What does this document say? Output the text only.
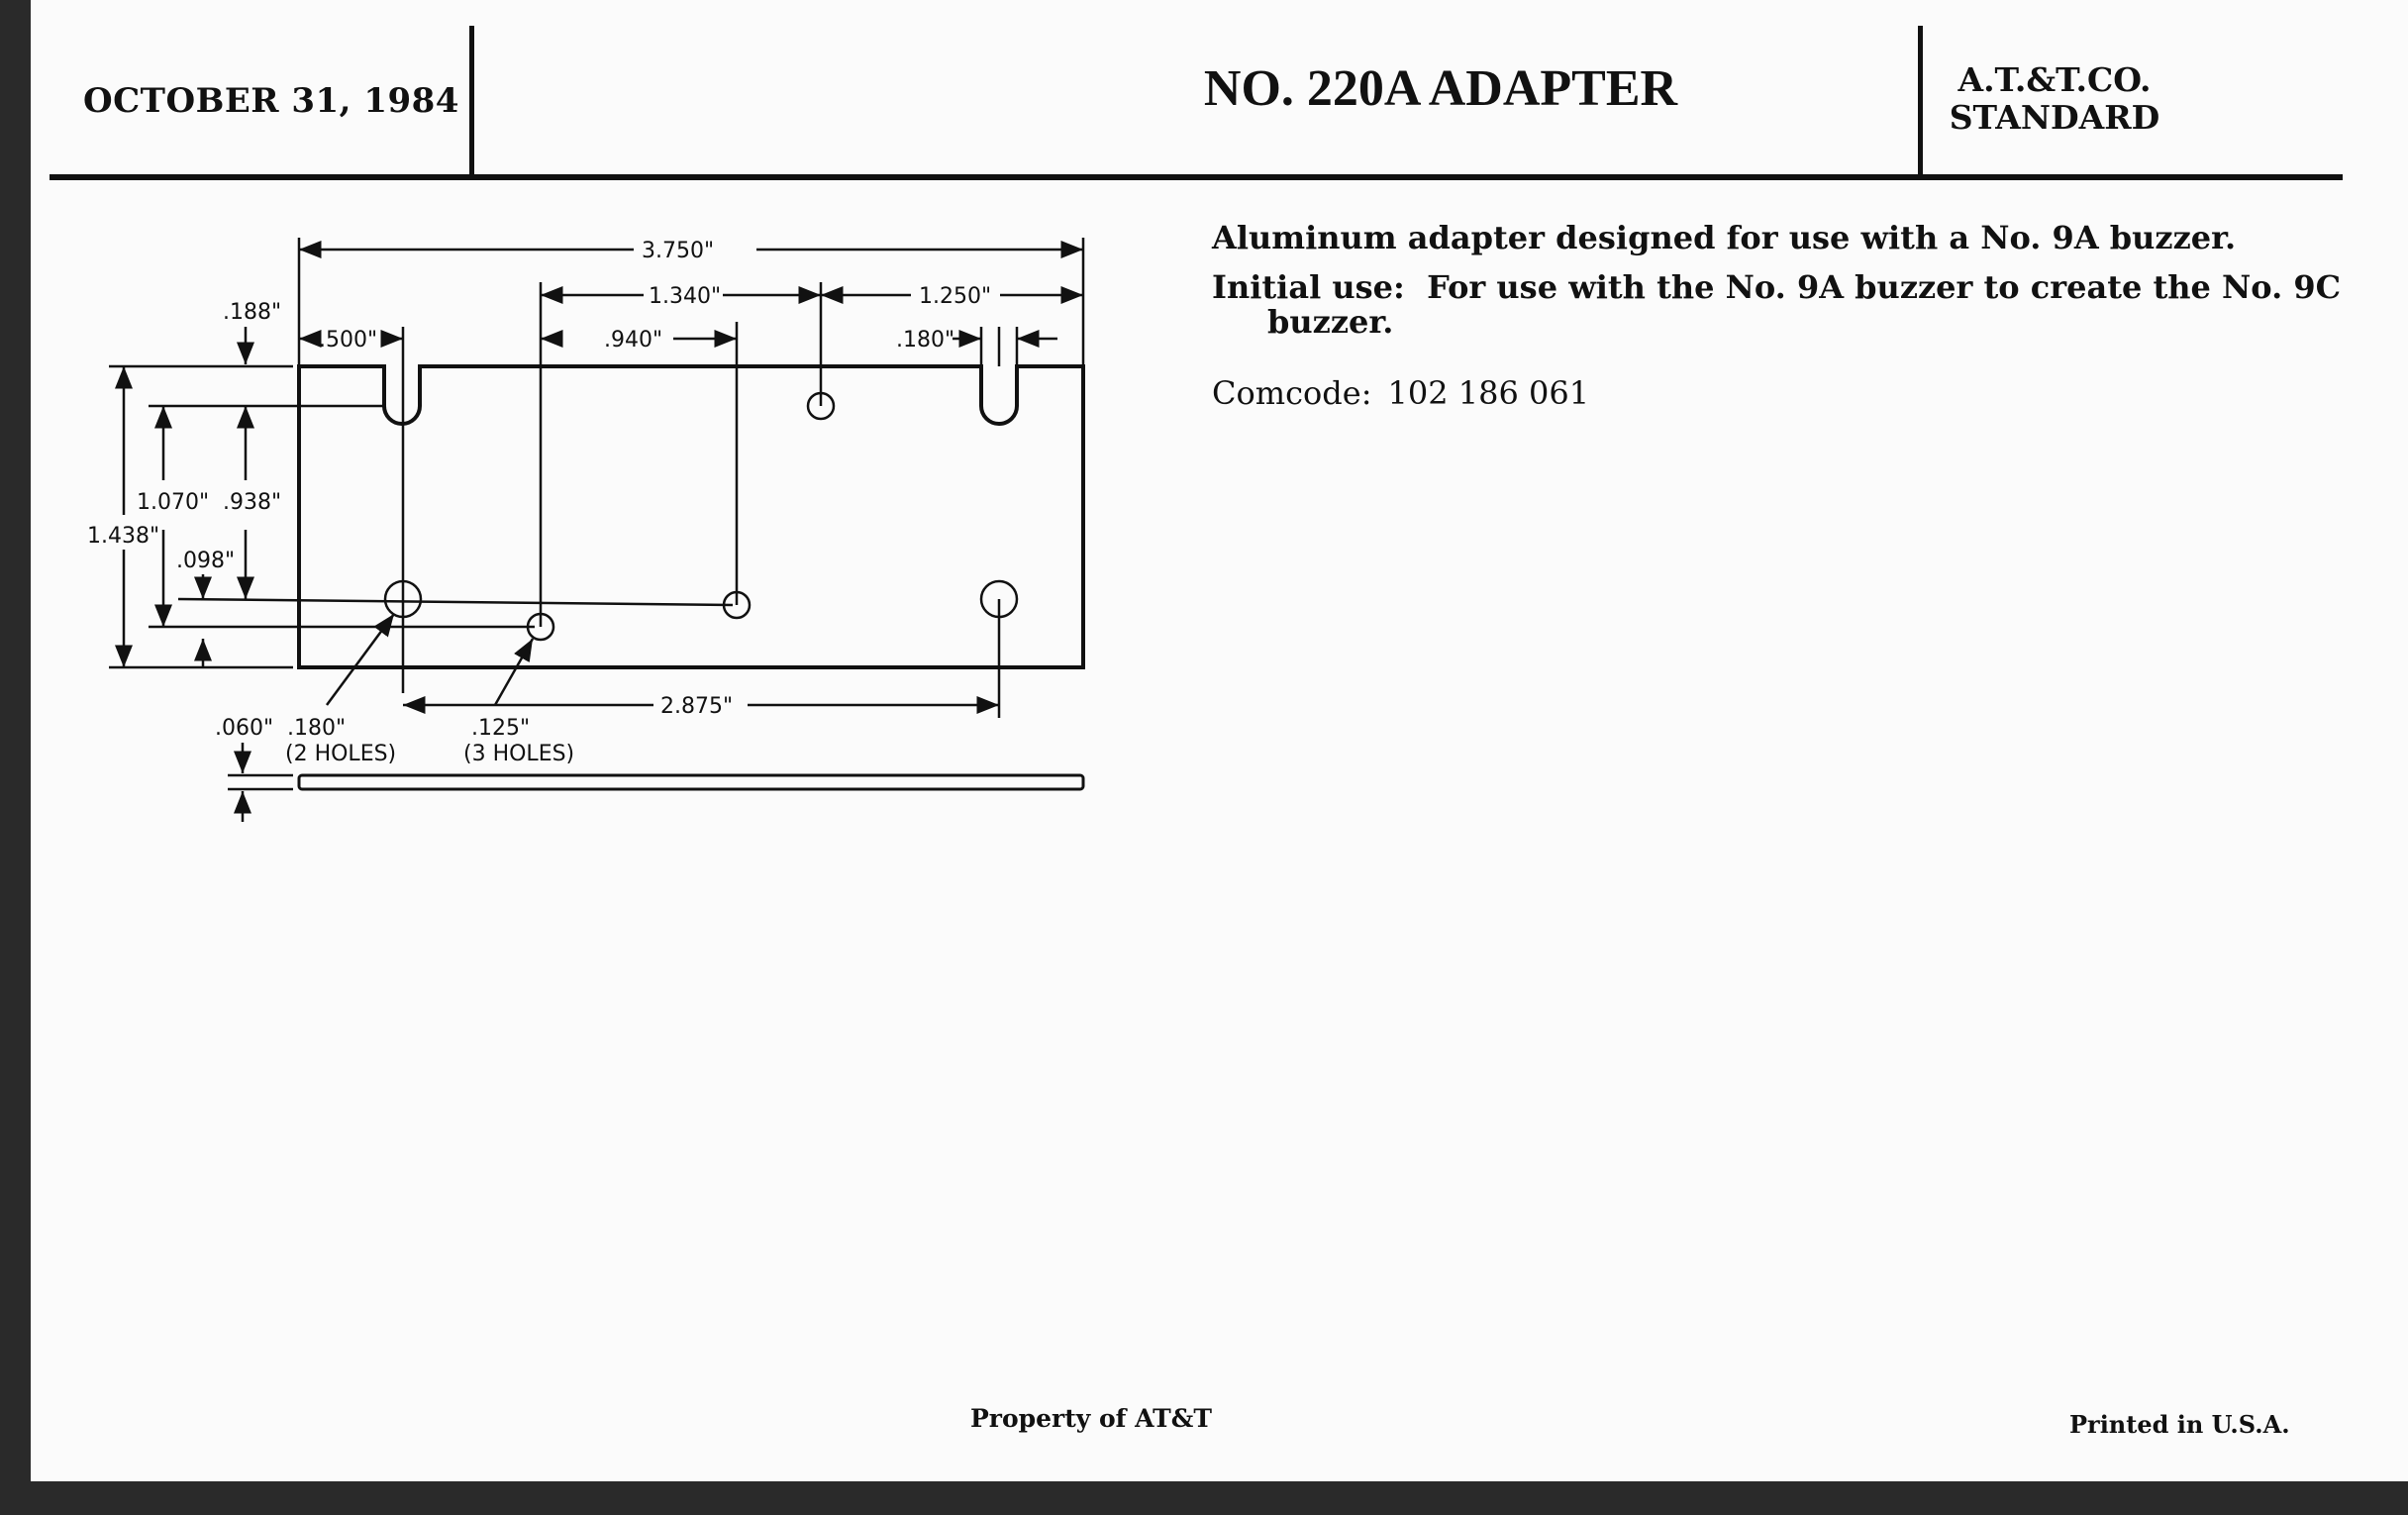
OCTOBER 31, 1984	NO. 220A ADAPTER	A.T.&T.CO.
STANDARD
Aluminum adapter designed for use with a No. 9A buzzer.
Initial use: For use with the No. 9A buzzer to create the No. 9C
buzzer.
Comcode: 102 186 061
3.750"
1.340"	1.250"
.500"	.940"	.180"
.188"
1.070" .938"
1.438"
.098"
2.875"
.060" .180"
(2 HOLES)
.125"
(3 HOLES)
Property of AT&T	Printed in U.S.A.
